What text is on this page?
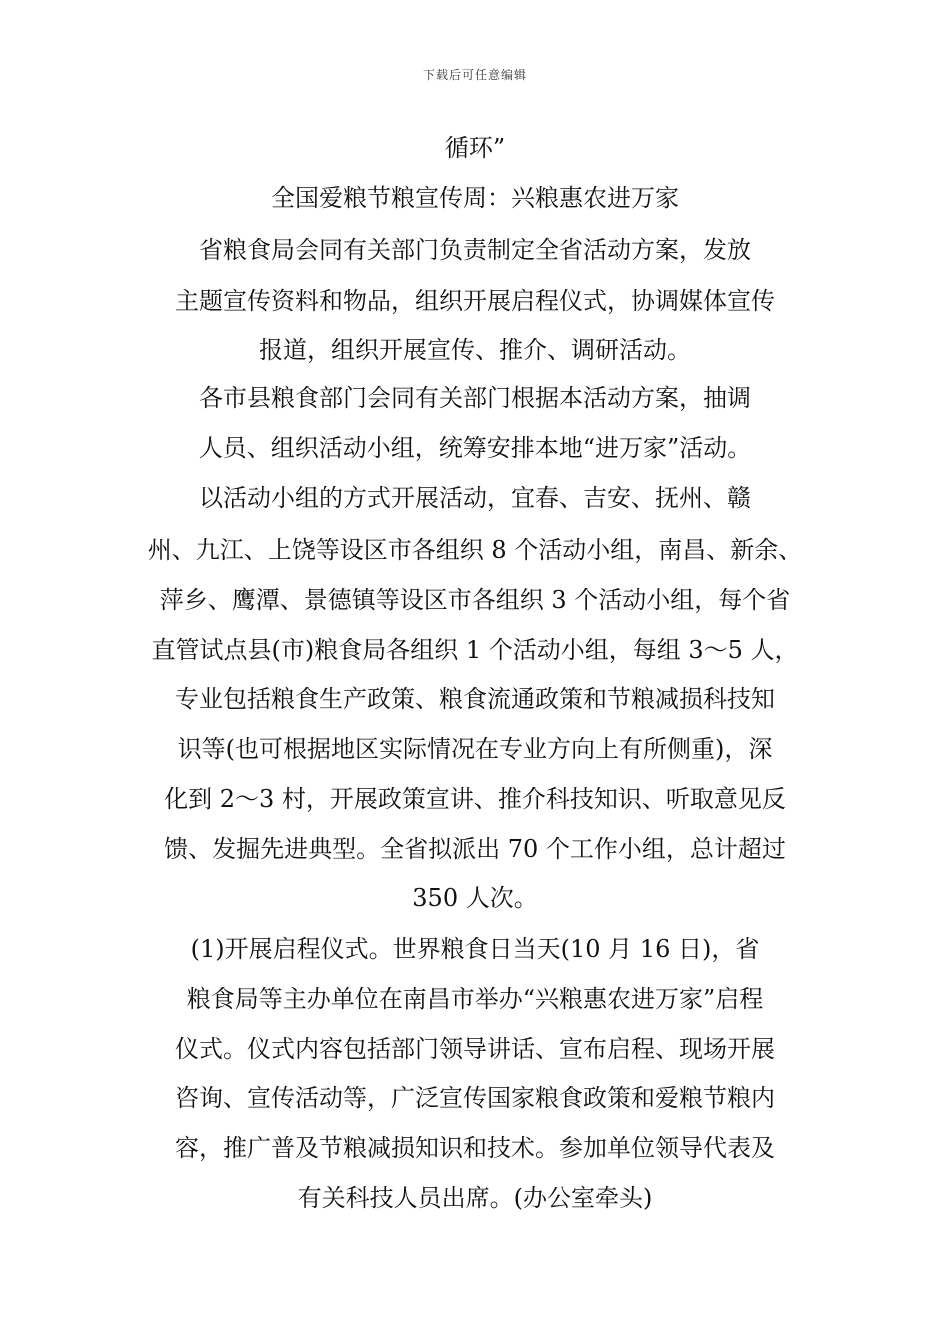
下载后可任意编辑
循环”
全国爱粮节粮宣传周：兴粮惠农进万家
省粮食局会同有关部门负责制定全省活动方案，发放
主题宣传资料和物品，组织开展启程仪式，协调媒体宣传
报道，组织开展宣传、推介、调研活动。
各市县粮食部门会同有关部门根据本活动方案，抽调
人员、组织活动小组，统筹安排本地“进万家”活动。
以活动小组的方式开展活动，宜春、吉安、抚州、赣
州、九江、上饶等设区市各组织 8 个活动小组，南昌、新余、
萍乡、鹰潭、景德镇等设区市各组织 3 个活动小组，每个省
直管试点县(市)粮食局各组织 1 个活动小组，每组 3～5 人，
专业包括粮食生产政策、粮食流通政策和节粮减损科技知
识等(也可根据地区实际情况在专业方向上有所侧重)，深
化到 2～3 村，开展政策宣讲、推介科技知识、听取意见反
馈、发掘先进典型。全省拟派出 70 个工作小组，总计超过
350 人次。
(1)开展启程仪式。世界粮食日当天(10 月 16 日)，省
粮食局等主办单位在南昌市举办“兴粮惠农进万家”启程
仪式。仪式内容包括部门领导讲话、宣布启程、现场开展
咨询、宣传活动等，广泛宣传国家粮食政策和爱粮节粮内
容，推广普及节粮减损知识和技术。参加单位领导代表及
有关科技人员出席。(办公室牵头)
